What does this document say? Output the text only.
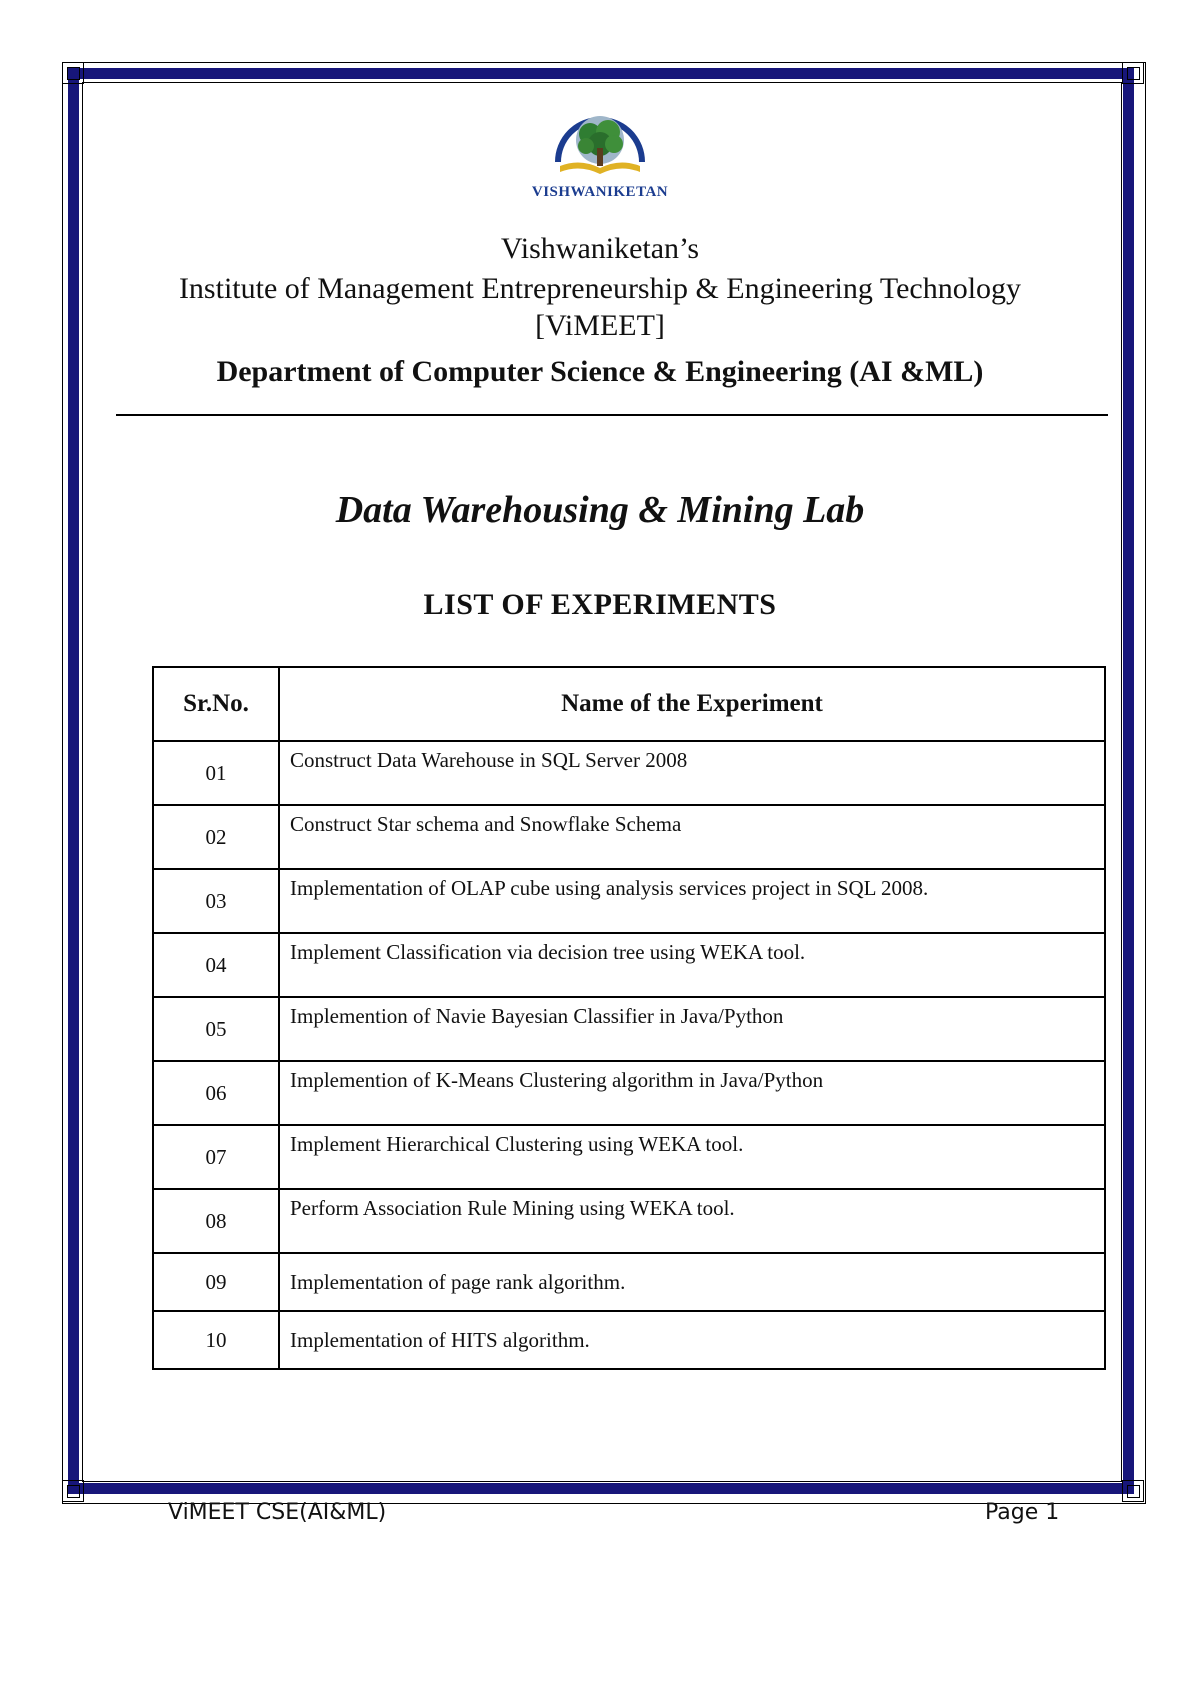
VISHWANIKETAN
Vishwaniketan’s
Institute of Management Entrepreneurship & Engineering Technology
[ViMEET]
Department of Computer Science & Engineering (AI &ML)
Data Warehousing & Mining Lab
LIST OF EXPERIMENTS
Sr.No.	Name of the Experiment
01	Construct Data Warehouse in SQL Server 2008
02	Construct Star schema and Snowflake Schema
03	Implementation of OLAP cube using analysis services project in SQL 2008.
04	Implement Classification via decision tree using WEKA tool.
05	Implemention of Navie Bayesian Classifier in Java/Python
06	Implemention of K-Means Clustering algorithm in Java/Python
07	Implement Hierarchical Clustering using WEKA tool.
08	Perform Association Rule Mining using WEKA tool.
09	Implementation of page rank algorithm.
10	Implementation of HITS algorithm.
ViMEET CSE(AI&ML)	Page 1
